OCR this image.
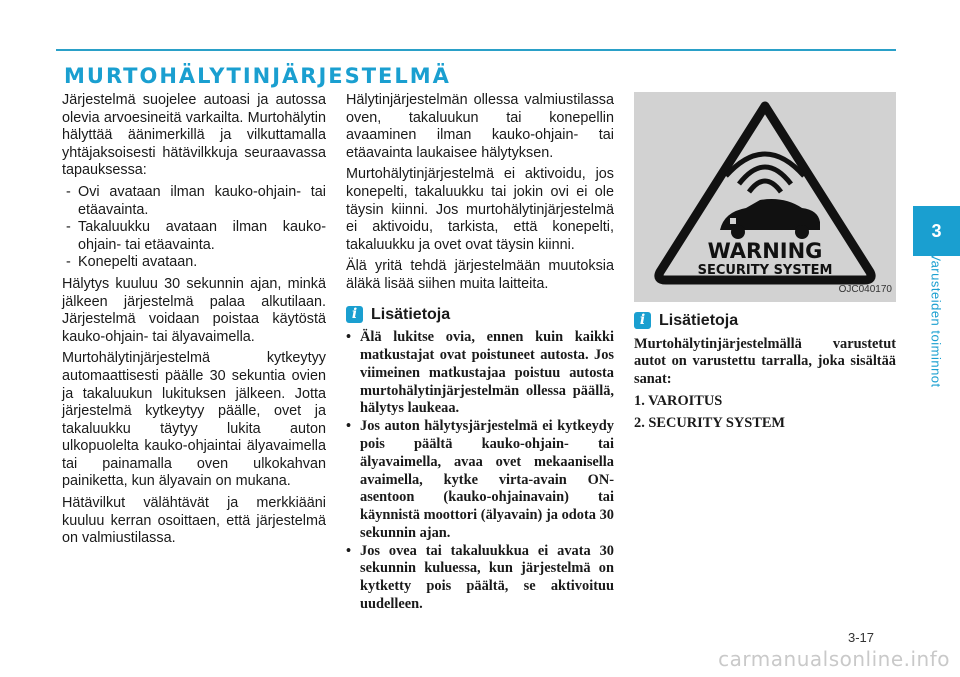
MURTOHÄLYTINJÄRJESTELMÄ

Järjestelmä suojelee autoasi ja autossa olevia arvoesineitä varkailta. Murtohälytin hälyttää äänimerkillä ja vilkuttamalla yhtäjaksoisesti hätävilkkuja seuraavassa tapauksessa:

- Ovi avataan ilman kauko-ohjain- tai etäavainta.
- Takaluukku avataan ilman kauko-ohjain- tai etäavainta.
- Konepelti avataan.

Hälytys kuuluu 30 sekunnin ajan, minkä jälkeen järjestelmä palaa alkutilaan. Järjestelmä voidaan poistaa käytöstä kauko-ohjain- tai älyavaimella.

Murtohälytinjärjestelmä kytkeytyy automaattisesti päälle 30 sekuntia ovien ja takaluukun lukituksen jälkeen. Jotta järjestelmä kytkeytyy päälle, ovet ja takaluukku täytyy lukita auton ulkopuolelta kauko-ohjaintai älyavaimella tai painamalla oven ulkokahvan painiketta, kun älyavain on mukana.

Hätävilkut välähtävät ja merkkiääni kuuluu kerran osoittaen, että järjestelmä on valmiustilassa.

Hälytinjärjestelmän ollessa valmiustilassa oven, takaluukun tai konepellin avaaminen ilman kauko-ohjain- tai etäavainta laukaisee hälytyksen.

Murtohälytinjärjestelmä ei aktivoidu, jos konepelti, takaluukku tai jokin ovi ei ole täysin kiinni. Jos murtohälytinjärjestelmä ei aktivoidu, tarkista, että konepelti, takaluukku ja ovet ovat täysin kiinni.

Älä yritä tehdä järjestelmään muutoksia äläkä lisää siihen muita laitteita.

i Lisätietoja
• Älä lukitse ovia, ennen kuin kaikki matkustajat ovat poistuneet autosta. Jos viimeinen matkustajaa poistuu autosta murtohälytinjärjestelmän ollessa päällä, hälytys laukeaa.
• Jos auton hälytysjärjestelmä ei kytkeydy pois päältä kauko-ohjain- tai älyavaimella, avaa ovet mekaanisella avaimella, kytke virta-avain ON-asentoon (kauko-ohjainavain) tai käynnistä moottori (älyavain) ja odota 30 sekunnin ajan.
• Jos ovea tai takaluukkua ei avata 30 sekunnin kuluessa, kun järjestelmä on kytketty pois päältä, se aktivoituu uudelleen.
WARNING
SECURITY SYSTEM
OJC040170
i Lisätietoja

Murtohälytinjärjestelmällä varustetut autot on varustettu tarralla, joka sisältää sanat:

1. VAROITUS

2. SECURITY SYSTEM

3
Varusteiden toiminnot
3-17
carmanualsonline.info
